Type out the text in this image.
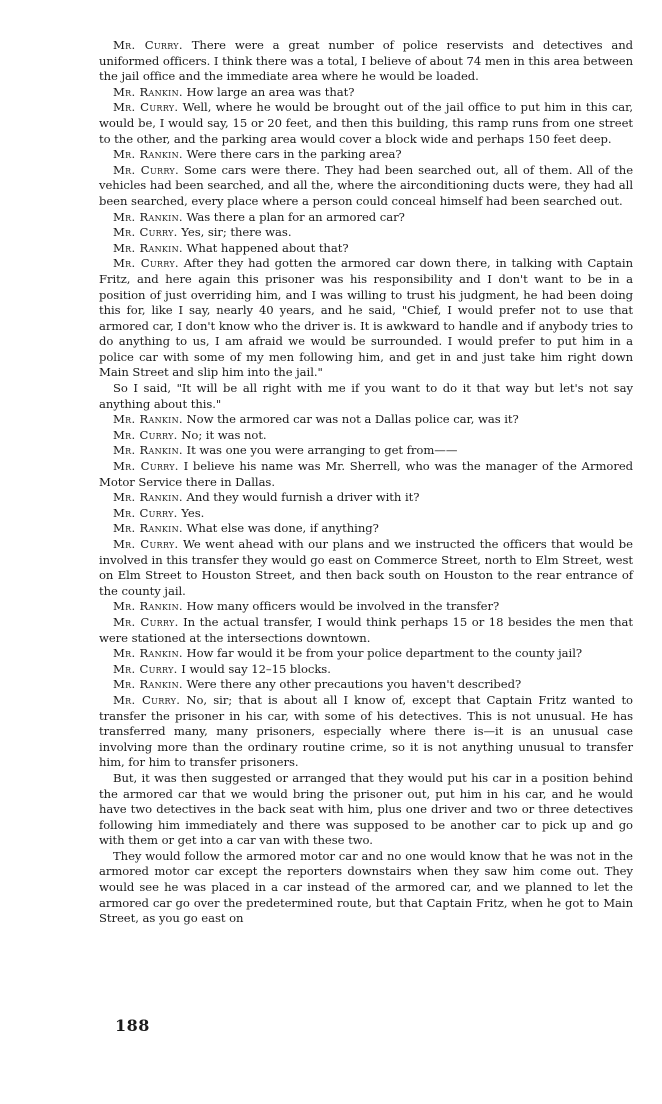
Mr. Curry. There were a great number of police reservists and detectives and uniformed officers. I think there was a total, I believe of about 74 men in this area between the jail office and the immediate area where he would be loaded.

Mr. Rankin. How large an area was that?

Mr. Curry. Well, where he would be brought out of the jail office to put him in this car, would be, I would say, 15 or 20 feet, and then this building, this ramp runs from one street to the other, and the parking area would cover a block wide and perhaps 150 feet deep.

Mr. Rankin. Were there cars in the parking area?

Mr. Curry. Some cars were there. They had been searched out, all of them. All of the vehicles had been searched, and all the, where the airconditioning ducts were, they had all been searched, every place where a person could conceal himself had been searched out.

Mr. Rankin. Was there a plan for an armored car?

Mr. Curry. Yes, sir; there was.

Mr. Rankin. What happened about that?

Mr. Curry. After they had gotten the armored car down there, in talking with Captain Fritz, and here again this prisoner was his responsibility and I don't want to be in a position of just overriding him, and I was willing to trust his judgment, he had been doing this for, like I say, nearly 40 years, and he said, "Chief, I would prefer not to use that armored car, I don't know who the driver is. It is awkward to handle and if anybody tries to do anything to us, I am afraid we would be surrounded. I would prefer to put him in a police car with some of my men following him, and get in and just take him right down Main Street and slip him into the jail."

So I said, "It will be all right with me if you want to do it that way but let's not say anything about this."

Mr. Rankin. Now the armored car was not a Dallas police car, was it?

Mr. Curry. No; it was not.

Mr. Rankin. It was one you were arranging to get from——

Mr. Curry. I believe his name was Mr. Sherrell, who was the manager of the Armored Motor Service there in Dallas.

Mr. Rankin. And they would furnish a driver with it?

Mr. Curry. Yes.

Mr. Rankin. What else was done, if anything?

Mr. Curry. We went ahead with our plans and we instructed the officers that would be involved in this transfer they would go east on Commerce Street, north to Elm Street, west on Elm Street to Houston Street, and then back south on Houston to the rear entrance of the county jail.

Mr. Rankin. How many officers would be involved in the transfer?

Mr. Curry. In the actual transfer, I would think perhaps 15 or 18 besides the men that were stationed at the intersections downtown.

Mr. Rankin. How far would it be from your police department to the county jail?

Mr. Curry. I would say 12–15 blocks.

Mr. Rankin. Were there any other precautions you haven't described?

Mr. Curry. No, sir; that is about all I know of, except that Captain Fritz wanted to transfer the prisoner in his car, with some of his detectives. This is not unusual. He has transferred many, many prisoners, especially where there is—it is an unusual case involving more than the ordinary routine crime, so it is not anything unusual to transfer him, for him to transfer prisoners.

But, it was then suggested or arranged that they would put his car in a position behind the armored car that we would bring the prisoner out, put him in his car, and he would have two detectives in the back seat with him, plus one driver and two or three detectives following him immediately and there was supposed to be another car to pick up and go with them or get into a car van with these two.

They would follow the armored motor car and no one would know that he was not in the armored motor car except the reporters downstairs when they saw him come out. They would see he was placed in a car instead of the armored car, and we planned to let the armored car go over the predetermined route, but that Captain Fritz, when he got to Main Street, as you go east on

188
